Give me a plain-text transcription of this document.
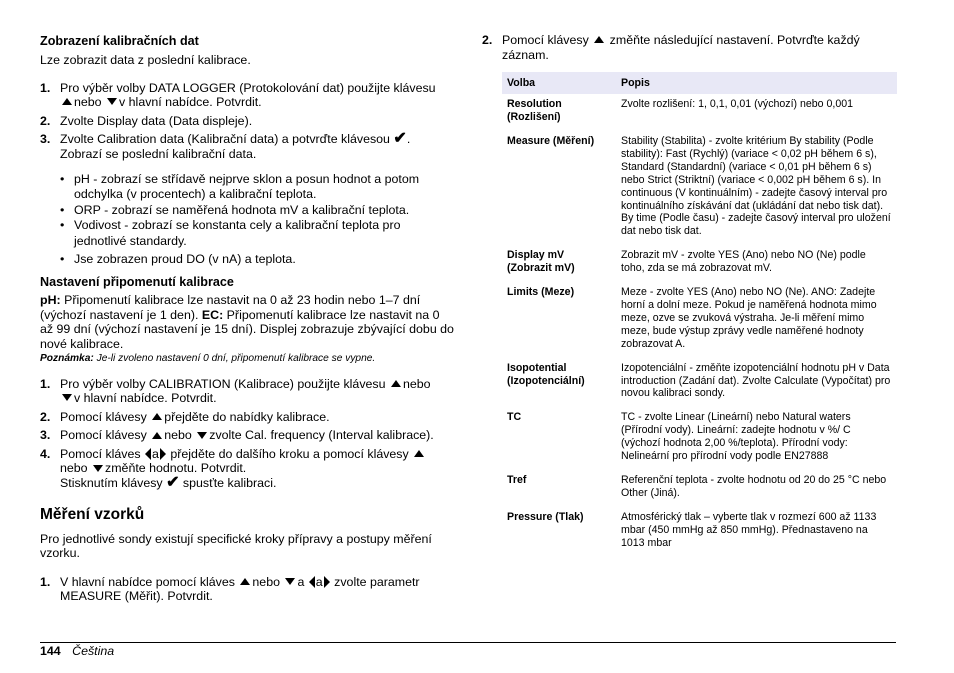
Zobrazení kalibračních dat
Lze zobrazit data z poslední kalibrace.
1. Pro výběr volby DATA LOGGER (Protokolování dat) použijte klávesu
nebo v hlavní nabídce. Potvrdit.
2. Zvolte Display data (Data displeje).
3. Zvolte Calibration data (Kalibrační data) a potvrďte klávesou ✔. Zobrazí se poslední kalibrační data.
• pH - zobrazí se střídavě nejprve sklon a posun hodnot a potom odchylka (v procentech) a kalibrační teplota.
• ORP - zobrazí se naměřená hodnota mV a kalibrační teplota.
• Vodivost - zobrazí se konstanta cely a kalibrační teplota pro jednotlivé standardy.
• Jse zobrazen proud DO (v nA) a teplota.
Nastavení připomenutí kalibrace
pH: Připomenutí kalibrace lze nastavit na 0 až 23 hodin nebo 1–7 dní (výchozí nastavení je 1 den). EC: Připomenutí kalibrace lze nastavit na 0 až 99 dní (výchozí nastavení je 15 dní). Displej zobrazuje zbývající dobu do nové kalibrace.
Poznámka: Je-li zvoleno nastavení 0 dní, připomenutí kalibrace se vypne.
1. Pro výběr volby CALIBRATION (Kalibrace) použijte klávesu nebo
v hlavní nabídce. Potvrdit.
2. Pomocí klávesy přejděte do nabídky kalibrace.
3. Pomocí klávesy nebo zvolte Cal. frequency (Interval kalibrace).
4. Pomocí kláves a přejděte do dalšího kroku a pomocí klávesy
nebo změňte hodnotu. Potvrdit.
Stisknutím klávesy ✔ spusťte kalibraci.
Měření vzorků
Pro jednotlivé sondy existují specifické kroky přípravy a postupy měření vzorku.
1. V hlavní nabídce pomocí kláves nebo a a zvolte parametr MEASURE (Měřit). Potvrdit.
2. Pomocí klávesy změňte následující nastavení. Potvrďte každý záznam.
Volba	Popis
Resolution (Rozlišení)	Zvolte rozlišení: 1, 0,1, 0,01 (výchozí) nebo 0,001
Measure (Měření)	Stability (Stabilita) - zvolte kritérium By stability (Podle stability): Fast (Rychlý) (variace < 0,02 pH během 6 s), Standard (Standardní) (variace < 0,01 pH během 6 s) nebo Strict (Striktní) (variace < 0,002 pH během 6 s). In continuous (V kontinuálním) - zadejte časový interval pro kontinuálního získávání dat (ukládání dat nebo tisk dat). By time (Podle času) - zadejte časový interval pro uložení dat nebo tisk dat.
Display mV (Zobrazit mV)	Zobrazit mV - zvolte YES (Ano) nebo NO (Ne) podle toho, zda se má zobrazovat mV.
Limits (Meze)	Meze - zvolte YES (Ano) nebo NO (Ne). ANO: Zadejte horní a dolní meze. Pokud je naměřená hodnota mimo meze, ozve se zvuková výstraha. Je-li měření mimo meze, bude výstup zprávy vedle naměřené hodnoty zobrazovat A.
Isopotential (Izopotenciální)	Izopotenciální - změňte izopotenciální hodnotu pH v Data introduction (Zadání dat). Zvolte Calculate (Vypočítat) pro novou kalibraci sondy.
TC	TC - zvolte Linear (Lineární) nebo Natural waters (Přírodní vody). Lineární: zadejte hodnotu v %/ C (výchozí hodnota 2,00 %/teplota). Přírodní vody: Nelineární pro přírodní vody podle EN27888
Tref	Referenční teplota - zvolte hodnotu od 20 do 25 °C nebo Other (Jiná).
Pressure (Tlak)	Atmosférický tlak – vyberte tlak v rozmezí 600 až 1133 mbar (450 mmHg až 850 mmHg). Přednastaveno na 1013 mbar
144 Čeština
